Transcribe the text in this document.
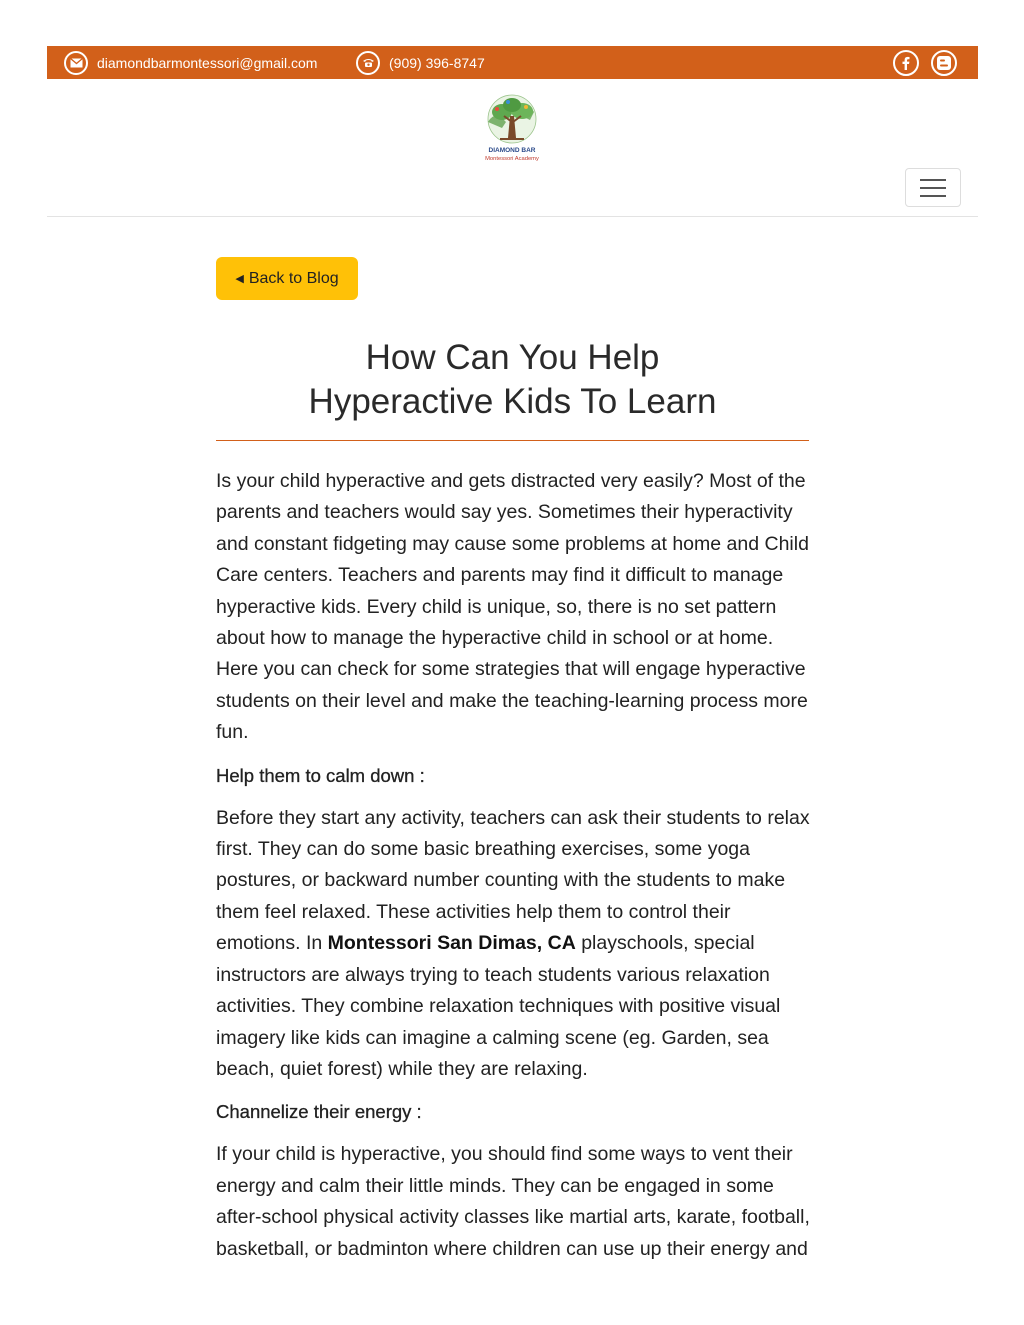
diamondbarmontessori@gmail.com	(909) 396-8747
DIAMOND BAR
Montessori Academy
◀ Back to Blog
How Can You Help
Hyperactive Kids To Learn

Is your child hyperactive and gets distracted very easily? Most of the parents and teachers would say yes. Sometimes their hyperactivity and constant fidgeting may cause some problems at home and Child Care centers. Teachers and parents may find it difficult to manage hyperactive kids. Every child is unique, so, there is no set pattern about how to manage the hyperactive child in school or at home. Here you can check for some strategies that will engage hyperactive students on their level and make the teaching-learning process more fun.

Help them to calm down :

Before they start any activity, teachers can ask their students to relax first. They can do some basic breathing exercises, some yoga postures, or backward number counting with the students to make them feel relaxed. These activities help them to control their emotions. In Montessori San Dimas, CA playschools, special instructors are always trying to teach students various relaxation activities. They combine relaxation techniques with positive visual imagery like kids can imagine a calming scene (eg. Garden, sea beach, quiet forest) while they are relaxing.

Channelize their energy :

If your child is hyperactive, you should find some ways to vent their energy and calm their little minds. They can be engaged in some after-school physical activity classes like martial arts, karate, football, basketball, or badminton where children can use up their energy and
